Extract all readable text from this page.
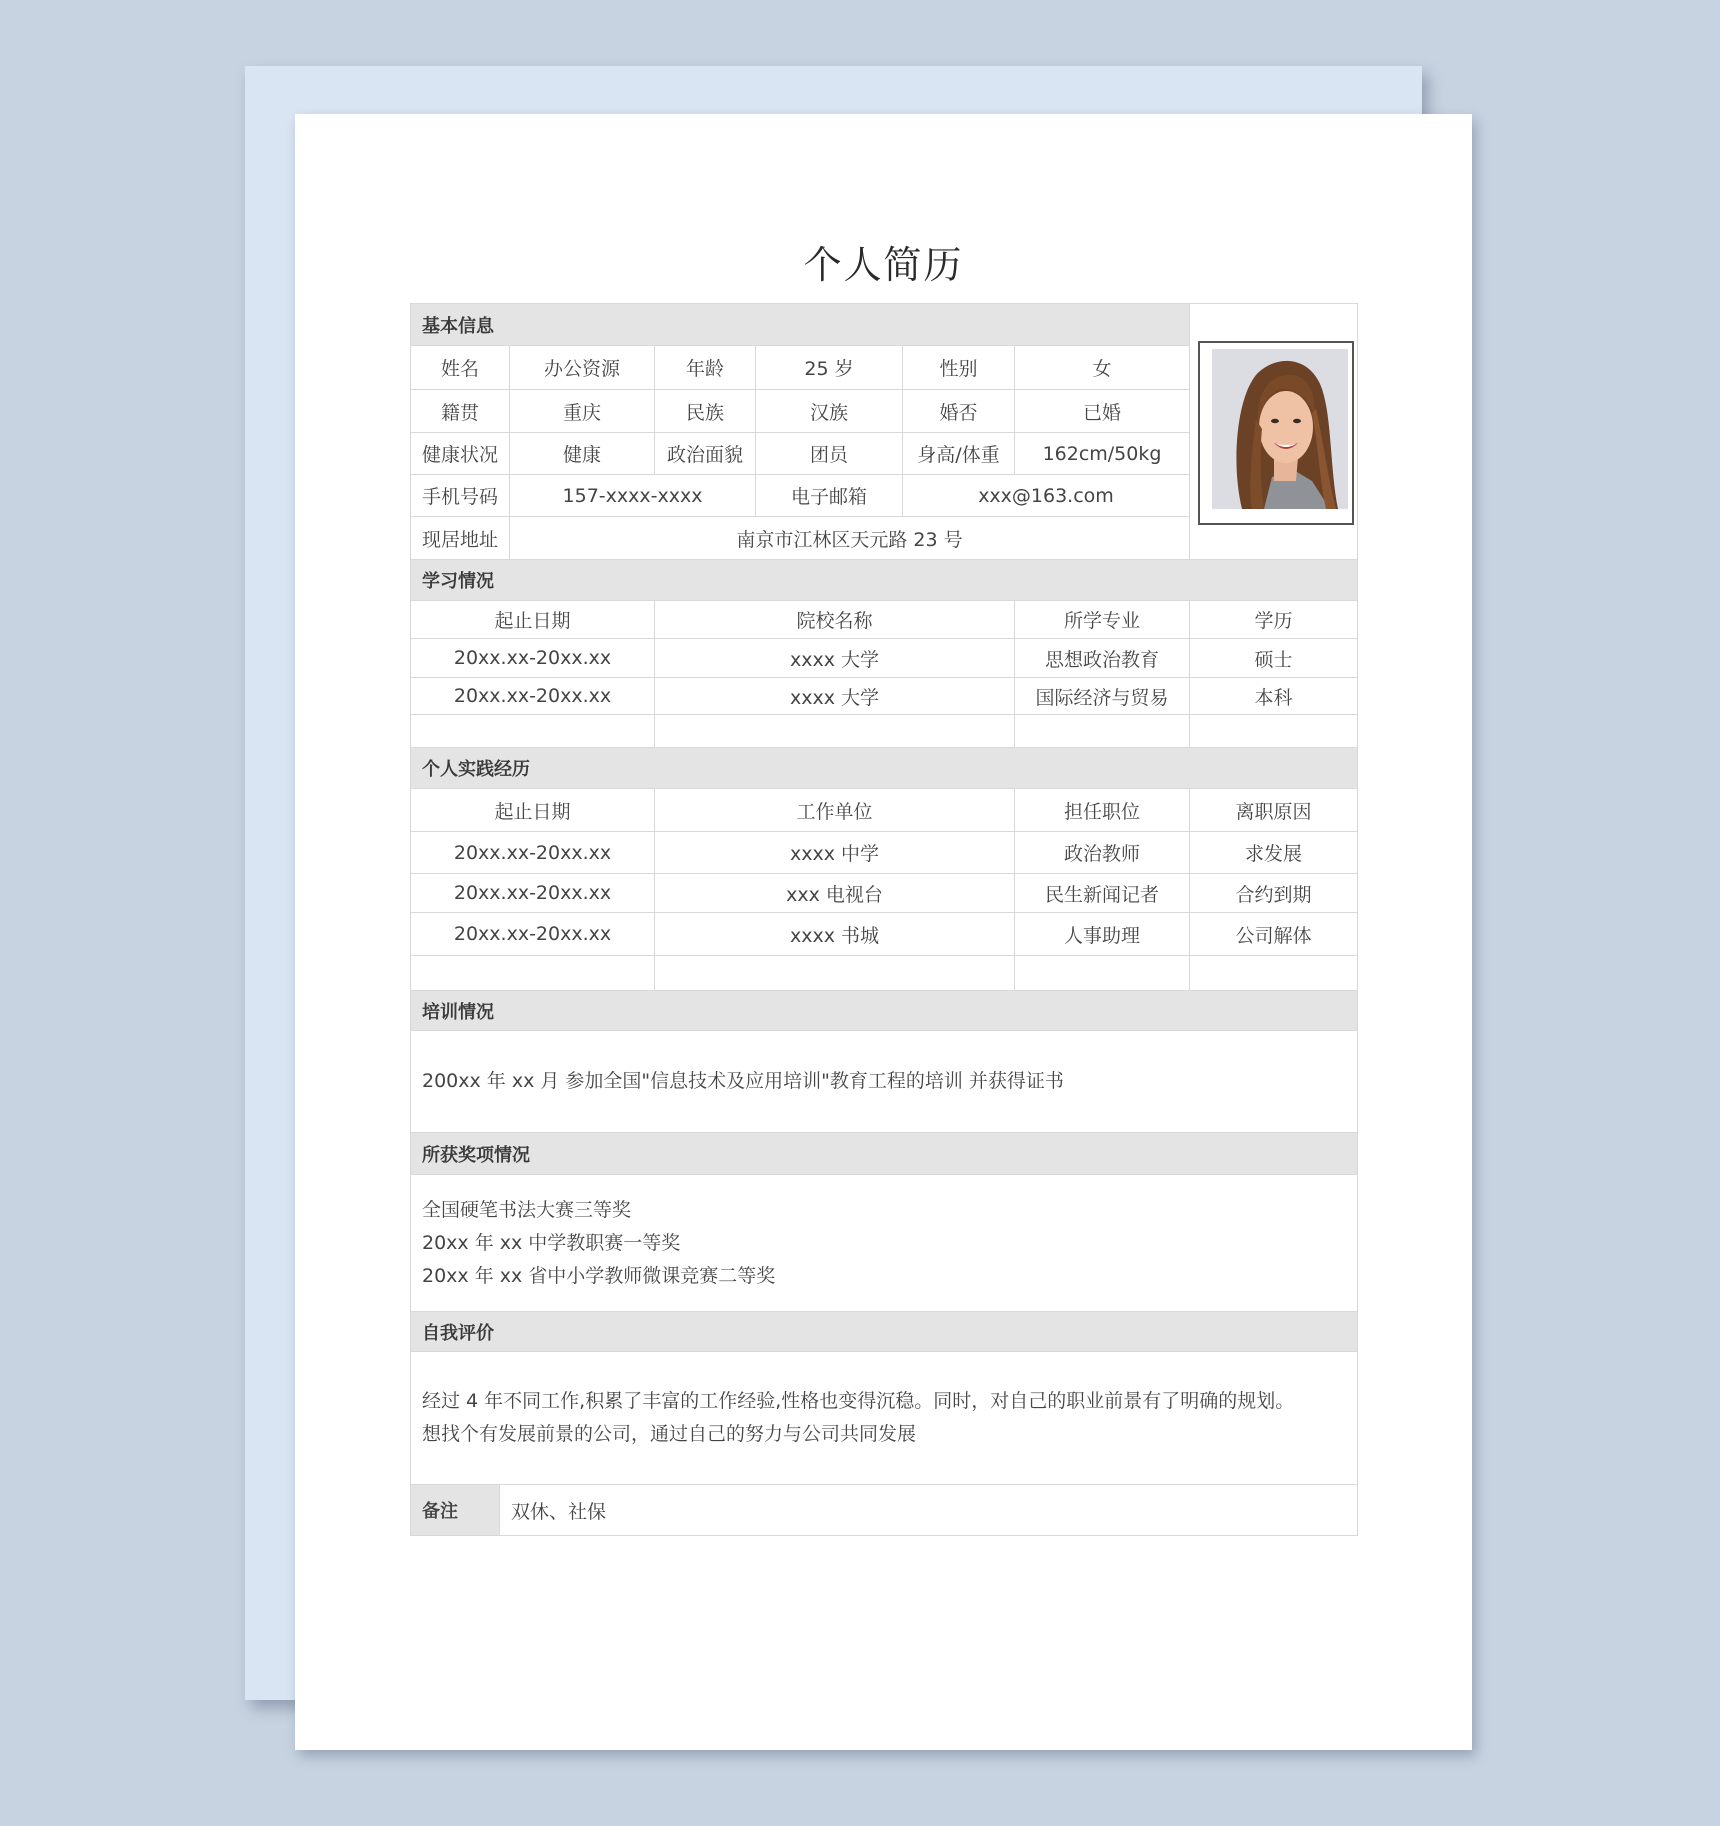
个人简历
基本信息
姓名	办公资源	年龄	25 岁	性别	女
籍贯	重庆	民族	汉族	婚否	已婚
健康状况	健康	政治面貌	团员	身高/体重	162cm/50kg
手机号码	157-xxxx-xxxx	电子邮箱	xxx@163.com
现居地址	南京市江林区天元路 23 号
学习情况
起止日期	院校名称	所学专业	学历
20xx.xx-20xx.xx	xxxx 大学	思想政治教育	硕士
20xx.xx-20xx.xx	xxxx 大学	国际经济与贸易	本科
个人实践经历
起止日期	工作单位	担任职位	离职原因
20xx.xx-20xx.xx	xxxx 中学	政治教师	求发展
20xx.xx-20xx.xx	xxx 电视台	民生新闻记者	合约到期
20xx.xx-20xx.xx	xxxx 书城	人事助理	公司解体
培训情况
200xx 年 xx 月 参加全国"信息技术及应用培训"教育工程的培训 并获得证书
所获奖项情况
全国硬笔书法大赛三等奖
20xx 年 xx 中学教职赛一等奖
20xx 年 xx 省中小学教师微课竞赛二等奖
自我评价
经过 4 年不同工作,积累了丰富的工作经验,性格也变得沉稳。同时，对自己的职业前景有了明确的规划。
想找个有发展前景的公司，通过自己的努力与公司共同发展
备注	双休、社保
